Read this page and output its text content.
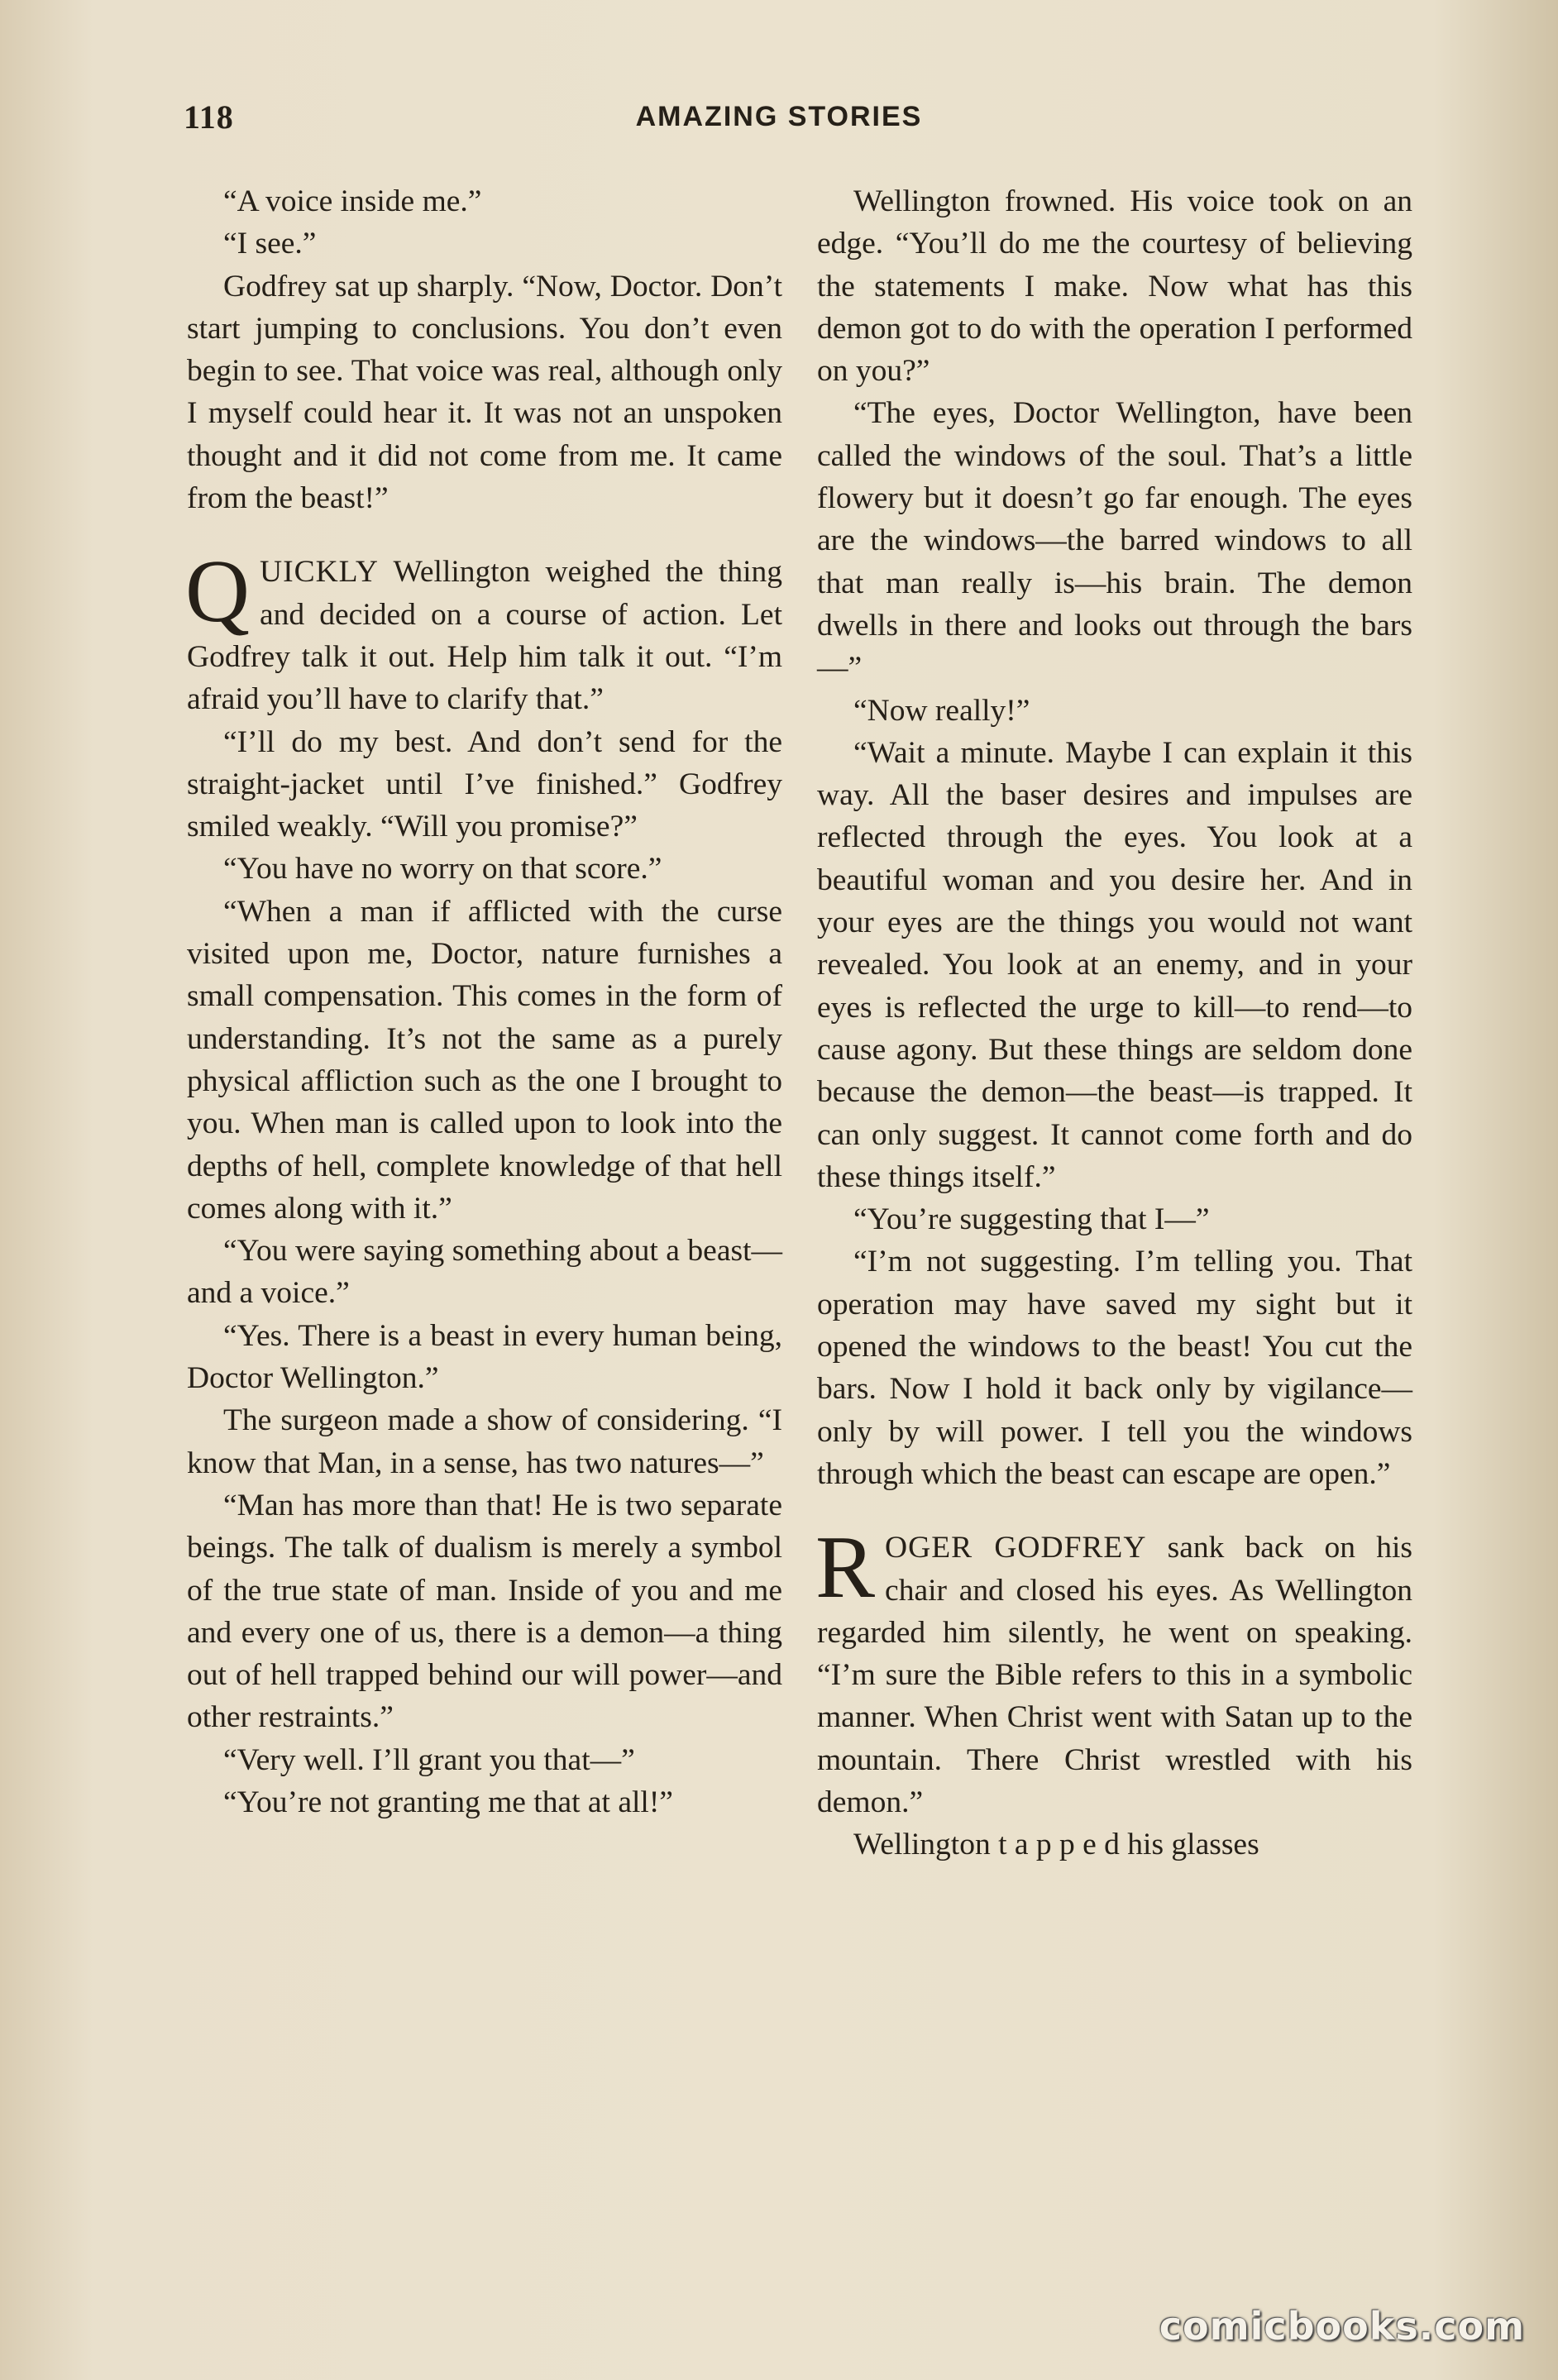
118	AMAZING STORIES

“A voice inside me.”

“I see.”

Godfrey sat up sharply. “Now, Doctor. Don’t start jumping to conclusions. You don’t even begin to see. That voice was real, although only I myself could hear it. It was not an unspoken thought and it did not come from me. It came from the beast!”

QUICKLY Wellington weighed the thing and decided on a course of action. Let Godfrey talk it out. Help him talk it out. “I’m afraid you’ll have to clarify that.”

“I’ll do my best. And don’t send for the straight-jacket until I’ve finished.” Godfrey smiled weakly. “Will you promise?”

“You have no worry on that score.”

“When a man if afflicted with the curse visited upon me, Doctor, nature furnishes a small compensation. This comes in the form of understanding. It’s not the same as a purely physical affliction such as the one I brought to you. When man is called upon to look into the depths of hell, complete knowledge of that hell comes along with it.”

“You were saying something about a beast—and a voice.”

“Yes. There is a beast in every human being, Doctor Wellington.”

The surgeon made a show of considering. “I know that Man, in a sense, has two natures—”

“Man has more than that! He is two separate beings. The talk of dualism is merely a symbol of the true state of man. Inside of you and me and every one of us, there is a demon—a thing out of hell trapped behind our will power—and other restraints.”

“Very well. I’ll grant you that—”

“You’re not granting me that at all!”

Wellington frowned. His voice took on an edge. “You’ll do me the courtesy of believing the statements I make. Now what has this demon got to do with the operation I performed on you?”

“The eyes, Doctor Wellington, have been called the windows of the soul. That’s a little flowery but it doesn’t go far enough. The eyes are the windows—the barred windows to all that man really is—his brain. The demon dwells in there and looks out through the bars—”

“Now really!”

“Wait a minute. Maybe I can explain it this way. All the baser desires and impulses are reflected through the eyes. You look at a beautiful woman and you desire her. And in your eyes are the things you would not want revealed. You look at an enemy, and in your eyes is reflected the urge to kill—to rend—to cause agony. But these things are seldom done because the demon—the beast—is trapped. It can only suggest. It cannot come forth and do these things itself.”

“You’re suggesting that I—”

“I’m not suggesting. I’m telling you. That operation may have saved my sight but it opened the windows to the beast! You cut the bars. Now I hold it back only by vigilance—only by will power. I tell you the windows through which the beast can escape are open.”

ROGER GODFREY sank back on his chair and closed his eyes. As Wellington regarded him silently, he went on speaking. “I’m sure the Bible refers to this in a symbolic manner. When Christ went with Satan up to the mountain. There Christ wrestled with his demon.”

Wellington t a p p e d his glasses

comicbooks.com
